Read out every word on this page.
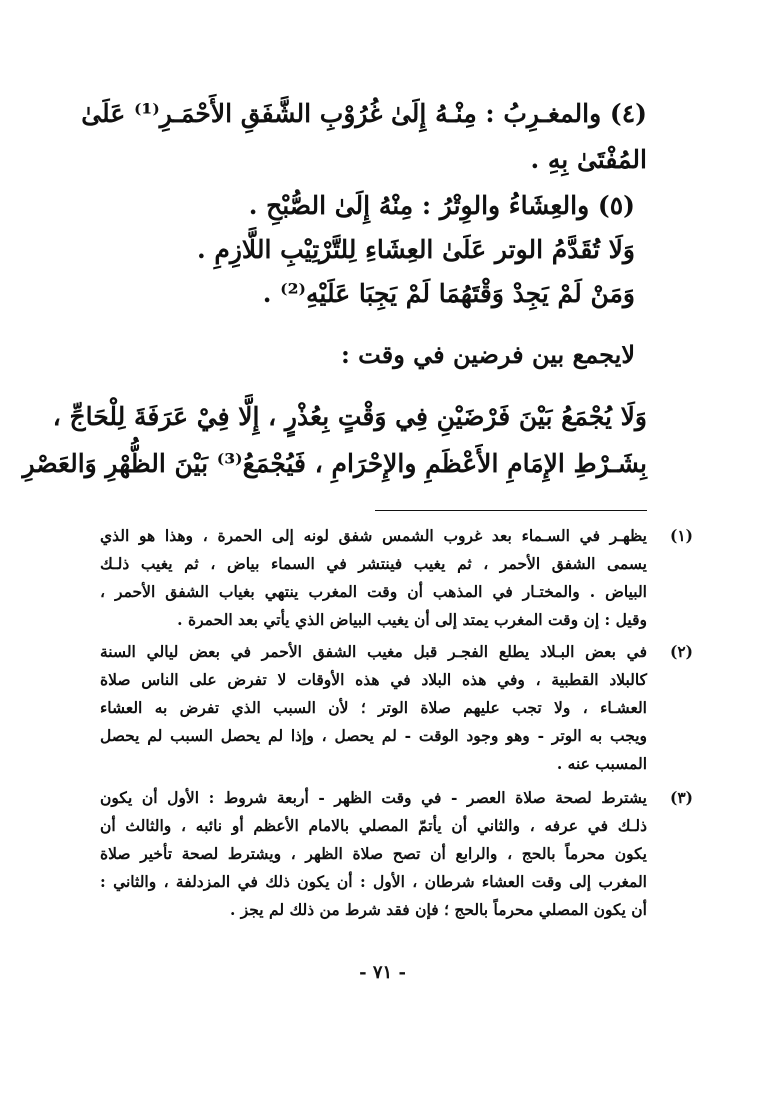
(٤) والمغـرِبُ : مِنْـهُ إِلَىٰ غُرُوْبِ الشَّفَقِ الأَحْمَـرِ⁽¹⁾ عَلَىٰ
المُفْتَىٰ بِهِ .
(٥) والعِشَاءُ والوِتْرُ : مِنْهُ إِلَىٰ الصُّبْحِ .
وَلَا تُقَدَّمُ الوتر عَلَىٰ العِشَاءِ لِلتَّرْتِيْبِ اللَّازِمِ .
وَمَنْ لَمْ يَجِدْ وَقْتَهُمَا لَمْ يَجِبَا عَلَيْهِ⁽²⁾ .
لايجمع بين فرضين في وقت :
وَلَا يُجْمَعُ بَيْنَ فَرْضَيْنِ فِي وَقْتٍ بِعُذْرٍ ، إِلَّا فِيْ عَرَفَةَ لِلْحَاجِّ ،
بِشَـرْطِ الإِمَامِ الأَعْظَمِ والإِحْرَامِ ، فَيُجْمَعُ⁽³⁾ بَيْنَ الظُّهْرِ وَالعَصْرِ
(١)
يظهـر في السـماء بعد غروب الشمس شفق لونه إلى الحمرة ، وهذا هو الذي
يسمى الشفق الأحمر ، ثم يغيب فينتشر في السماء بياض ، ثم يغيب ذلـك
البياض . والمختـار في المذهب أن وقت المغرب ينتهي بغياب الشفق الأحمر ،
وقيل : إن وقت المغرب يمتد إلى أن يغيب البياض الذي يأتي بعد الحمرة .
(٢)
في بعض البـلاد يطلع الفجـر قبل مغيب الشفق الأحمر في بعض ليالي السنة
كالبلاد القطبية ، وفي هذه البلاد في هذه الأوقات لا تفرض على الناس صلاة
العشـاء ، ولا تجب عليهم صلاة الوتر ؛ لأن السبب الذي تفرض به العشاء
ويجب به الوتر - وهو وجود الوقت - لم يحصل ، وإذا لم يحصل السبب لم يحصل
المسبب عنه .
(٣)
يشترط لصحة صلاة العصر - في وقت الظهر - أربعة شروط : الأول أن يكون
ذلـك في عرفه ، والثاني أن يأتمّ المصلي بالامام الأعظم أو نائبه ، والثالث أن
يكون محرماً بالحج ، والرابع أن تصح صلاة الظهر ، ويشترط لصحة تأخير صلاة
المغرب إلى وقت العشاء شرطان ، الأول : أن يكون ذلك في المزدلفة ، والثاني :
أن يكون المصلي محرماً بالحج ؛ فإن فقد شرط من ذلك لم يجز .
- ٧١ -
